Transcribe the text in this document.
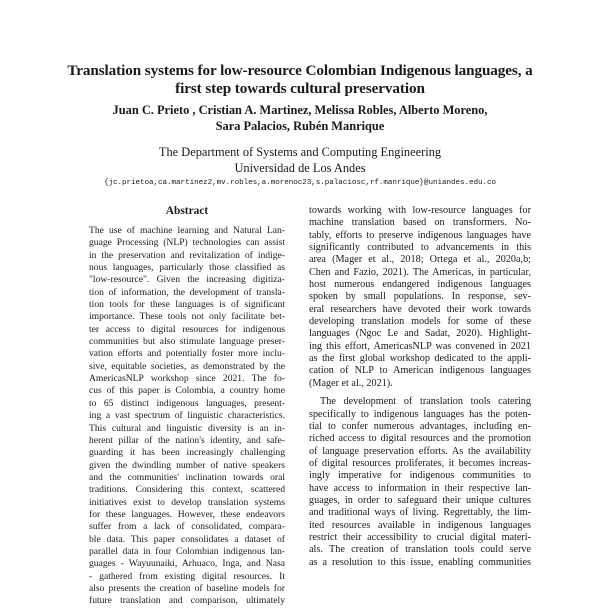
Translation systems for low-resource Colombian Indigenous languages, a
first step towards cultural preservation
Juan C. Prieto , Cristian A. Martinez, Melissa Robles, Alberto Moreno,
Sara Palacios, Rubén Manrique
The Department of Systems and Computing Engineering
Universidad de Los Andes
{jc.prietoa,ca.martinez2,mv.robles,a.morenoc23,s.palaciosc,rf.manrique}@uniandes.edu.co
Abstract
The use of machine learning and Natural Lan-
guage Processing (NLP) technologies can assist
in the preservation and revitalization of indige-
nous languages, particularly those classified as
"low-resource". Given the increasing digitiza-
tion of information, the development of transla-
tion tools for these languages is of significant
importance. These tools not only facilitate bet-
ter access to digital resources for indigenous
communities but also stimulate language preser-
vation efforts and potentially foster more inclu-
sive, equitable societies, as demonstrated by the
AmericasNLP workshop since 2021. The fo-
cus of this paper is Colombia, a country home
to 65 distinct indigenous languages, present-
ing a vast spectrum of linguistic characteristics.
This cultural and linguistic diversity is an in-
herent pillar of the nation's identity, and safe-
guarding it has been increasingly challenging
given the dwindling number of native speakers
and the communities' inclination towards oral
traditions. Considering this context, scattered
initiatives exist to develop translation systems
for these languages. However, these endeavors
suffer from a lack of consolidated, compara-
ble data. This paper consolidates a dataset of
parallel data in four Colombian indigenous lan-
guages - Wayuunaiki, Arhuaco, Inga, and Nasa
- gathered from existing digital resources. It
also presents the creation of baseline models for
future translation and comparison, ultimately
towards working with low-resource languages for
machine translation based on transformers. No-
tably, efforts to preserve indigenous languages have
significantly contributed to advancements in this
area (Mager et al., 2018; Ortega et al., 2020a,b;
Chen and Fazio, 2021). The Americas, in particular,
host numerous endangered indigenous languages
spoken by small populations. In response, sev-
eral researchers have devoted their work towards
developing translation models for some of these
languages (Ngoc Le and Sadat, 2020). Highlight-
ing this effort, AmericasNLP was convened in 2021
as the first global workshop dedicated to the appli-
cation of NLP to American indigenous languages
(Mager et al., 2021).
The development of translation tools catering
specifically to indigenous languages has the poten-
tial to confer numerous advantages, including en-
riched access to digital resources and the promotion
of language preservation efforts. As the availability
of digital resources proliferates, it becomes increas-
ingly imperative for indigenous communities to
have access to information in their respective lan-
guages, in order to safeguard their unique cultures
and traditional ways of living. Regrettably, the lim-
ited resources available in indigenous languages
restrict their accessibility to crucial digital materi-
als. The creation of translation tools could serve
as a resolution to this issue, enabling communities
